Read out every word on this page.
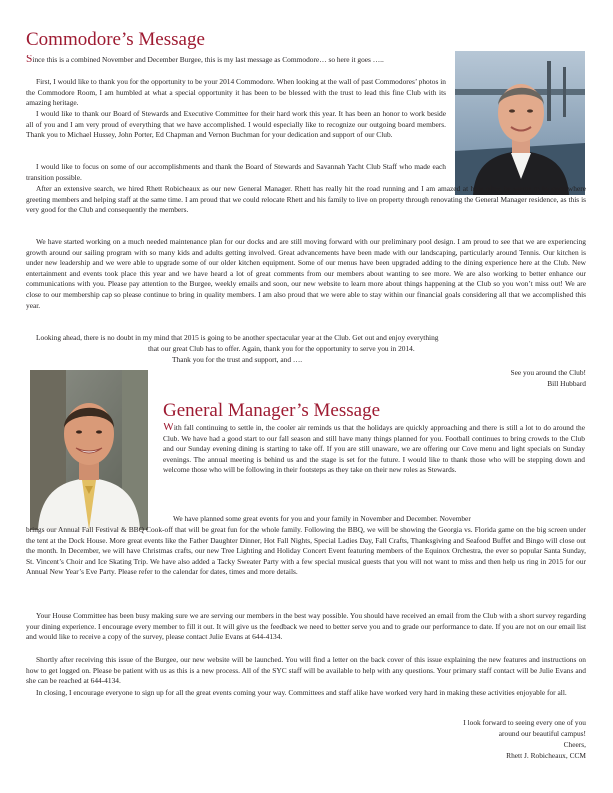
Commodore’s Message

Since this is a combined November and December Burgee, this is my last message as Commodore… so here it goes …..

First, I would like to thank you for the opportunity to be your 2014 Commodore. When looking at the wall of past Commodores’ photos in the Commodore Room, I am humbled at what a special opportunity it has been to be blessed with the trust to lead this fine Club with its amazing heritage.

I would like to thank our Board of Stewards and Executive Committee for their hard work this year. It has been an honor to work beside all of you and I am very proud of everything that we have accomplished. I would especially like to recognize our outgoing board members. Thank you to Michael Hussey, John Porter, Ed Chapman and Vernon Buchman for your dedication and support of our Club.

I would like to focus on some of our accomplishments and thank the Board of Stewards and Savannah Yacht Club Staff who made each transition possible.

After an extensive search, we hired Rhett Robicheaux as our new General Manager. Rhett has really hit the road running and I am amazed at how often he seems to be everywhere greeting members and helping staff at the same time. I am proud that we could relocate Rhett and his family to live on property through renovating the General Manager residence, as this is very good for the Club and consequently the members.

We have started working on a much needed maintenance plan for our docks and are still moving forward with our preliminary pool design. I am proud to see that we are experiencing growth around our sailing program with so many kids and adults getting involved. Great advancements have been made with our landscaping, particularly around Tennis. Our kitchen is under new leadership and we were able to upgrade some of our older kitchen equipment. Some of our menus have been upgraded adding to the dining experience here at the Club. New entertainment and events took place this year and we have heard a lot of great comments from our members about wanting to see more. We are also working to better enhance our communications with you. Please pay attention to the Burgee, weekly emails and soon, our new website to learn more about things happening at the Club so you won’t miss out! We are close to our membership cap so please continue to bring in quality members. I am also proud that we were able to stay within our financial goals considering all that we accomplished this year.

Looking ahead, there is no doubt in my mind that 2015 is going to be another spectacular year at the Club. Get out and enjoy everything

that our great Club has to offer. Again, thank you for the opportunity to serve you in 2014.

Thank you for the trust and support, and ….

See you around the Club!

Bill Hubbard

General Manager’s Message

With fall continuing to settle in, the cooler air reminds us that the holidays are quickly approaching and there is still a lot to do around the Club. We have had a good start to our fall season and still have many things planned for you. Football continues to bring crowds to the Club and our Sunday evening dining is starting to take off. If you are still unaware, we are offering our Cove menu and light specials on Sunday evenings. The annual meeting is behind us and the stage is set for the future. I would like to thank those who will be stepping down and welcome those who will be following in their footsteps as they take on their new roles as Stewards.

We have planned some great events for you and your family in November and December. November

brings our Annual Fall Festival & BBQ Cook-off that will be great fun for the whole family. Following the BBQ, we will be showing the Georgia vs. Florida game on the big screen under the tent at the Dock House. More great events like the Father Daughter Dinner, Hot Fall Nights, Special Ladies Day, Fall Crafts, Thanksgiving and Seafood Buffet and Bingo will close out the month. In December, we will have Christmas crafts, our new Tree Lighting and Holiday Concert Event featuring members of the Equinox Orchestra, the ever so popular Santa Sunday, St. Vincent’s Choir and Ice Skating Trip. We have also added a Tacky Sweater Party with a few special musical guests that you will not want to miss and then help us ring in 2015 for our Annual New Year’s Eve Party. Please refer to the calendar for dates, times and more details.

Your House Committee has been busy making sure we are serving our members in the best way possible. You should have received an email from the Club with a short survey regarding your dining experience. I encourage every member to fill it out. It will give us the feedback we need to better serve you and to grade our performance to date. If you are not on our email list and would like to receive a copy of the survey, please contact Julie Evans at 644-4134.

Shortly after receiving this issue of the Burgee, our new website will be launched. You will find a letter on the back cover of this issue explaining the new features and instructions on how to get logged on. Please be patient with us as this is a new process. All of the SYC staff will be available to help with any questions. Your primary staff contact will be Julie Evans and she can be reached at 644-4134.

In closing, I encourage everyone to sign up for all the great events coming your way. Committees and staff alike have worked very hard in making these activities enjoyable for all.

I look forward to seeing every one of you

around our beautiful campus!

Cheers,

Rhett J. Robicheaux, CCM
